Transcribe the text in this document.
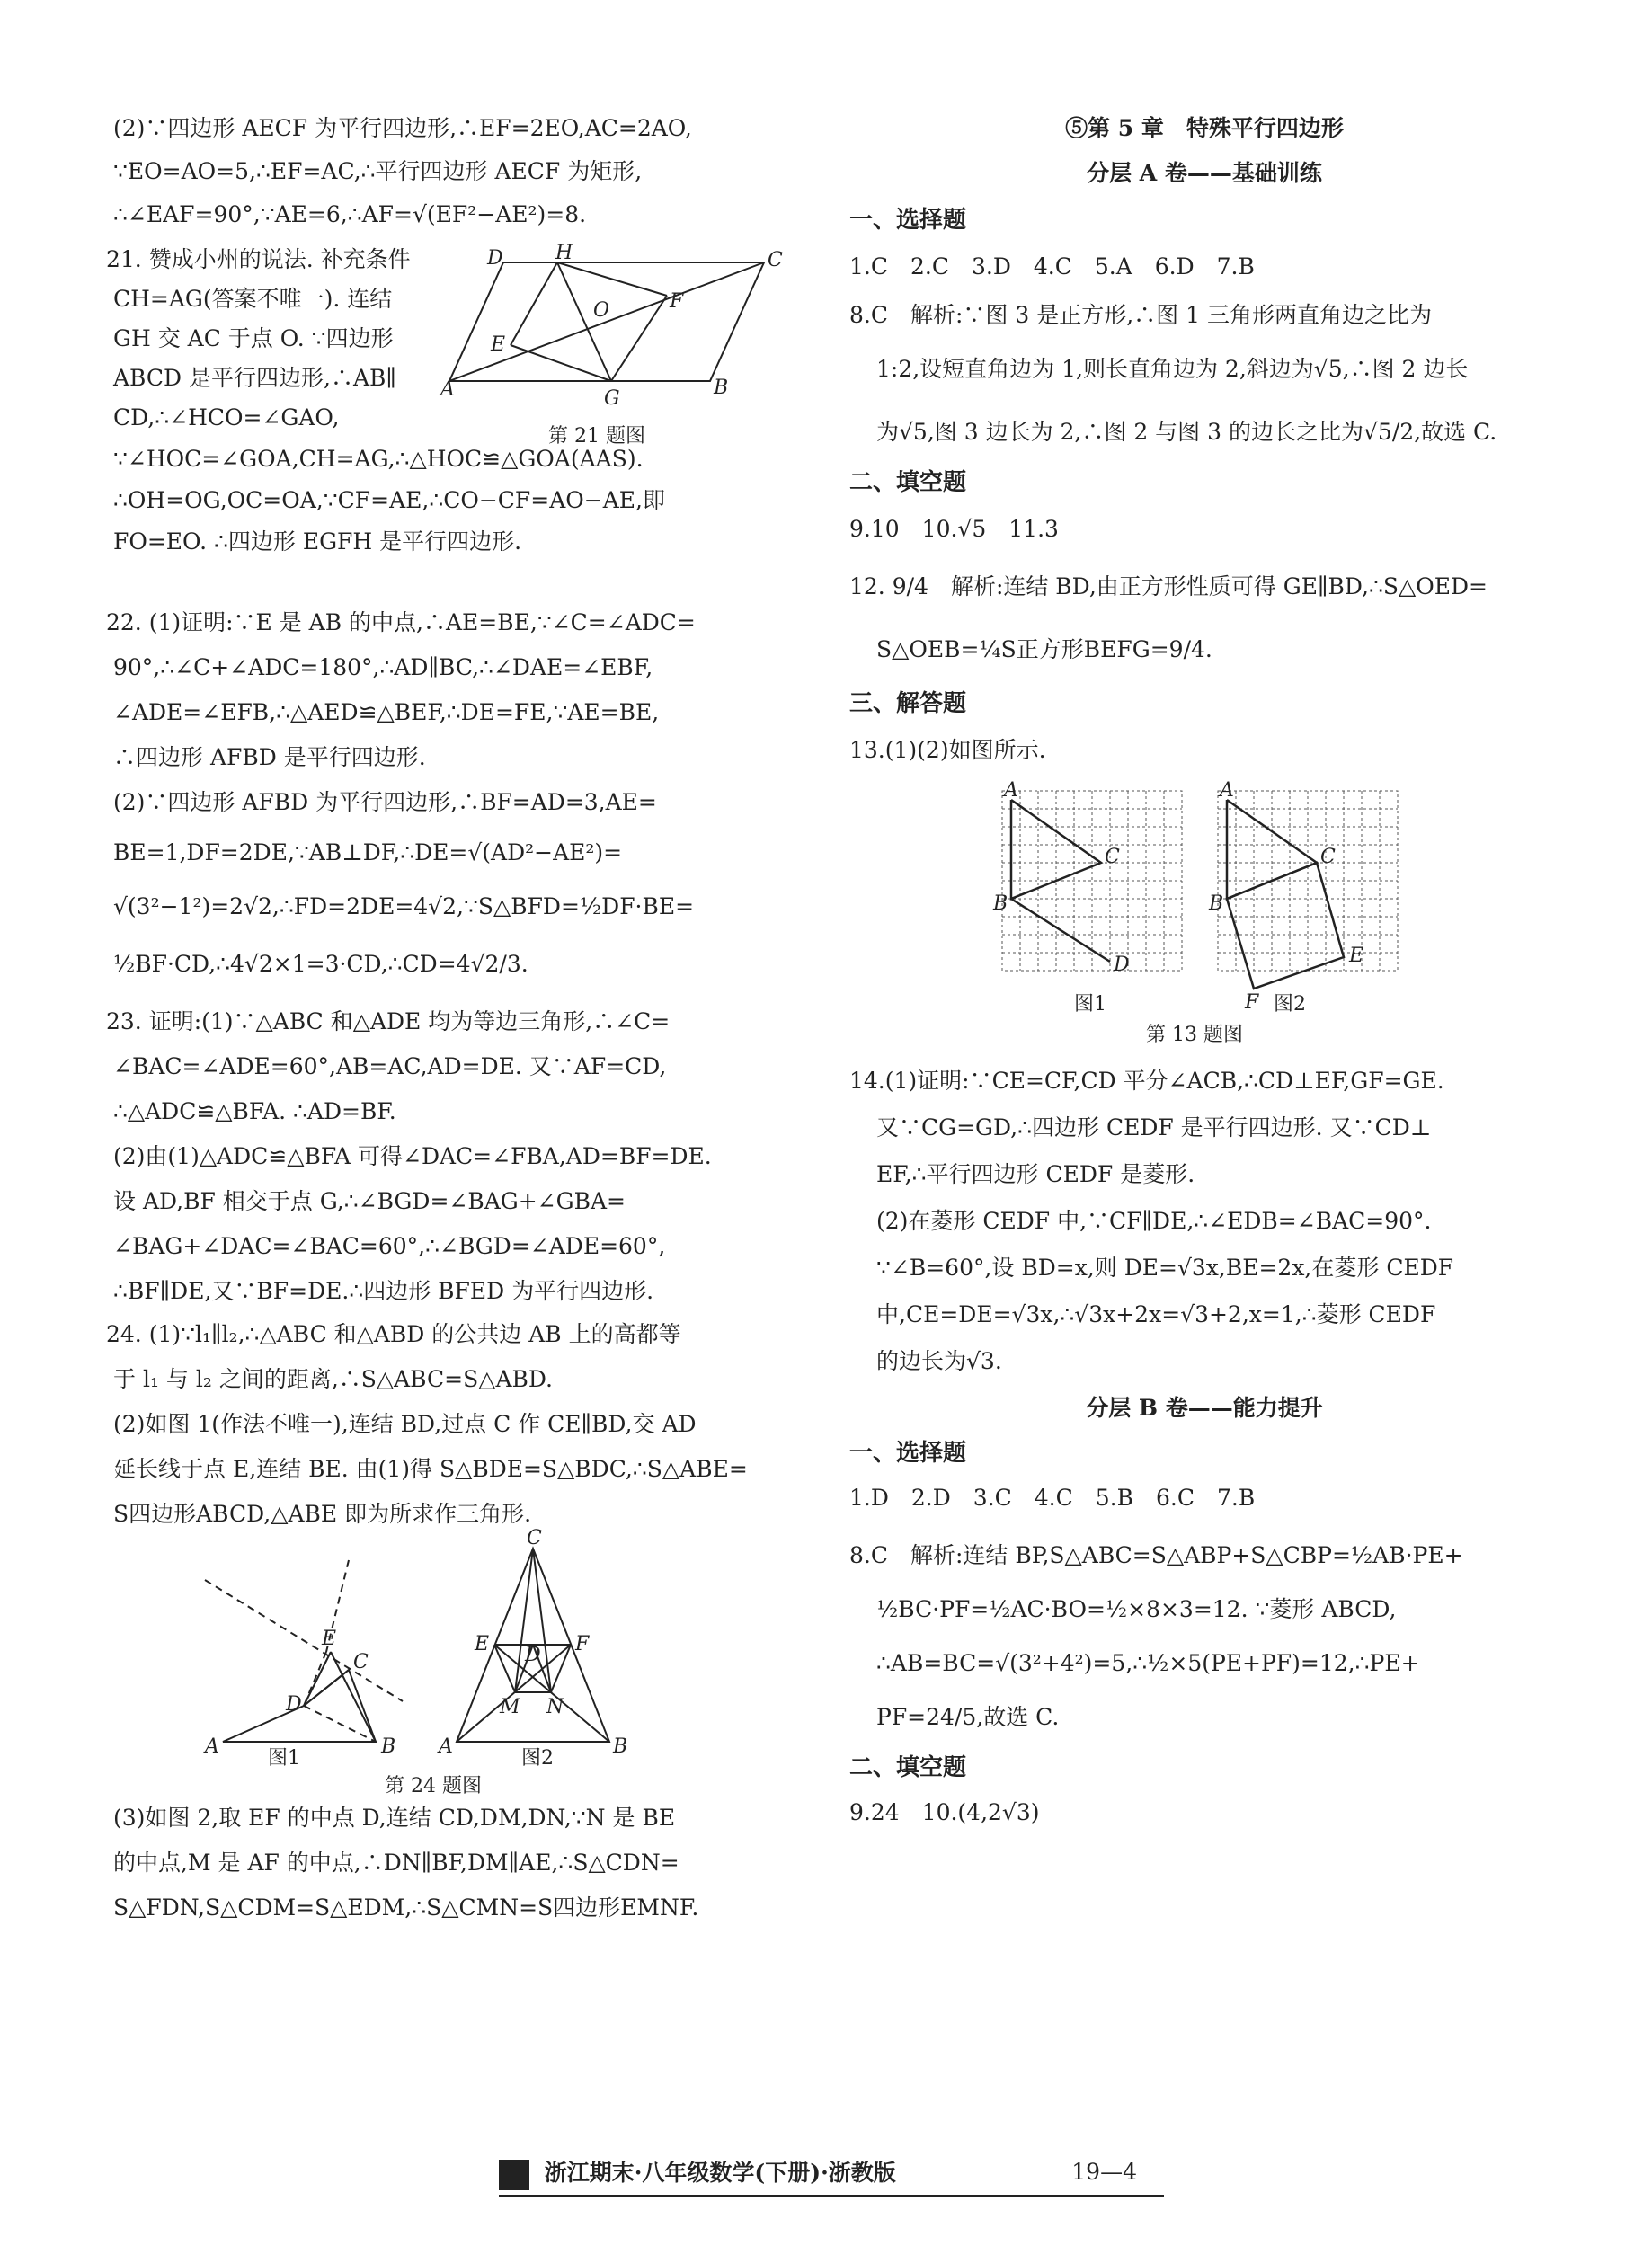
(2)∵四边形 AECF 为平行四边形,∴EF=2EO,AC=2AO,

∵EO=AO=5,∴EF=AC,∴平行四边形 AECF 为矩形,

∴∠EAF=90°,∵AE=6,∴AF=√(EF²−AE²)=8.

21. 赞成小州的说法. 补充条件

CH=AG(答案不唯一). 连结

GH 交 AC 于点 O. ∵四边形

ABCD 是平行四边形,∴AB∥

CD,∴∠HCO=∠GAO,

D	H	C
O	F
E
A	G	B
第 21 题图

∵∠HOC=∠GOA,CH=AG,∴△HOC≌△GOA(AAS).

∴OH=OG,OC=OA,∵CF=AE,∴CO−CF=AO−AE,即

FO=EO. ∴四边形 EGFH 是平行四边形.

22. (1)证明:∵E 是 AB 的中点,∴AE=BE,∵∠C=∠ADC=

90°,∴∠C+∠ADC=180°,∴AD∥BC,∴∠DAE=∠EBF,

∠ADE=∠EFB,∴△AED≌△BEF,∴DE=FE,∵AE=BE,

∴四边形 AFBD 是平行四边形.

(2)∵四边形 AFBD 为平行四边形,∴BF=AD=3,AE=

BE=1,DF=2DE,∵AB⊥DF,∴DE=√(AD²−AE²)=

√(3²−1²)=2√2,∴FD=2DE=4√2,∵S△BFD=½DF·BE=

½BF·CD,∴4√2×1=3·CD,∴CD=4√2/3.

23. 证明:(1)∵△ABC 和△ADE 均为等边三角形,∴∠C=

∠BAC=∠ADE=60°,AB=AC,AD=DE. 又∵AF=CD,

∴△ADC≌△BFA. ∴AD=BF.

(2)由(1)△ADC≌△BFA 可得∠DAC=∠FBA,AD=BF=DE.

设 AD,BF 相交于点 G,∴∠BGD=∠BAG+∠GBA=

∠BAG+∠DAC=∠BAC=60°,∴∠BGD=∠ADE=60°,

∴BF∥DE,又∵BF=DE.∴四边形 BFED 为平行四边形.

24. (1)∵l₁∥l₂,∴△ABC 和△ABD 的公共边 AB 上的高都等

于 l₁ 与 l₂ 之间的距离,∴S△ABC=S△ABD.

(2)如图 1(作法不唯一),连结 BD,过点 C 作 CE∥BD,交 AD

延长线于点 E,连结 BE. 由(1)得 S△BDE=S△BDC,∴S△ABE=

S四边形ABCD,△ABE 即为所求作三角形.

E
C
D
A	B
C
E D F
M N
A	B
图1	图2
第 24 题图

(3)如图 2,取 EF 的中点 D,连结 CD,DM,DN,∵N 是 BE

的中点,M 是 AF 的中点,∴DN∥BF,DM∥AE,∴S△CDN=

S△FDN,S△CDM=S△EDM,∴S△CMN=S四边形EMNF.

⑤第 5 章　特殊平行四边形

分层 A 卷——基础训练

一、选择题

1.C　2.C　3.D　4.C　5.A　6.D　7.B

8.C　解析:∵图 3 是正方形,∴图 1 三角形两直角边之比为

1:2,设短直角边为 1,则长直角边为 2,斜边为√5,∴图 2 边长

为√5,图 3 边长为 2,∴图 2 与图 3 的边长之比为√5/2,故选 C.

二、填空题

9.10　10.√5　11.3

12. 9/4　解析:连结 BD,由正方形性质可得 GE∥BD,∴S△OED=

S△OEB=¼S正方形BEFG=9/4.

三、解答题

13.(1)(2)如图所示.

A
C
B
D
A
C
B
E
F
图1	图2
第 13 题图

14.(1)证明:∵CE=CF,CD 平分∠ACB,∴CD⊥EF,GF=GE.

又∵CG=GD,∴四边形 CEDF 是平行四边形. 又∵CD⊥

EF,∴平行四边形 CEDF 是菱形.

(2)在菱形 CEDF 中,∵CF∥DE,∴∠EDB=∠BAC=90°.

∵∠B=60°,设 BD=x,则 DE=√3x,BE=2x,在菱形 CEDF

中,CE=DE=√3x,∴√3x+2x=√3+2,x=1,∴菱形 CEDF

的边长为√3.

分层 B 卷——能力提升

一、选择题

1.D　2.D　3.C　4.C　5.B　6.C　7.B

8.C　解析:连结 BP,S△ABC=S△ABP+S△CBP=½AB·PE+

½BC·PF=½AC·BO=½×8×3=12. ∵菱形 ABCD,

∴AB=BC=√(3²+4²)=5,∴½×5(PE+PF)=12,∴PE+

PF=24/5,故选 C.

二、填空题

9.24　10.(4,2√3)

浙江期末·八年级数学(下册)·浙教版	19—4
